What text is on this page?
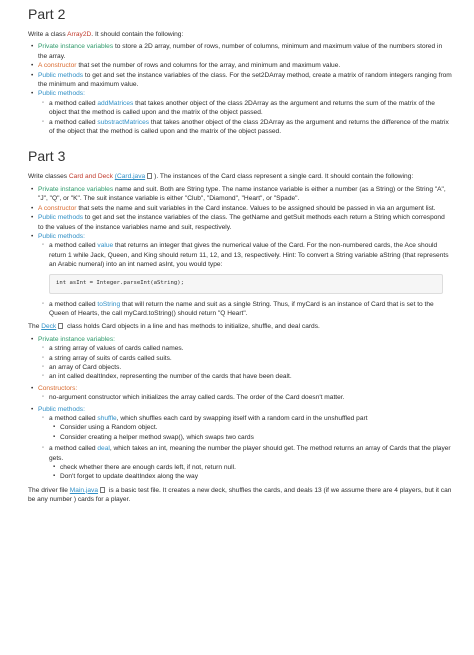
Part 2

Write a class Array2D. It should contain the following:

• Private instance variables to store a 2D array, number of rows, number of columns, minimum and maximum value of the numbers stored in the array.
• A constructor that set the number of rows and columns for the array, and minimum and maximum value.
• Public methods to get and set the instance variables of the class. For the set2DArray method, create a matrix of random integers ranging from the minimum and maximum value.
• Public methods:
◦ a method called addMatrices that takes another object of the class 2DArray as the argument and returns the sum of the matrix of the object that the method is called upon and the matrix of the object passed.
◦ a method called substractMatrices that takes another object of the class 2DArray as the argument and returns the difference of the matrix of the object that the method is called upon and the matrix of the object passed.
Part 3

Write classes Card and Deck (Card.java ). The instances of the Card class represent a single card. It should contain the following:

• Private instance variables name and suit. Both are String type. The name instance variable is either a number (as a String) or the String "A", "J", "Q", or "K". The suit instance variable is either "Club", "Diamond", "Heart", or "Spade".
• A constructor that sets the name and suit variables in the Card instance. Values to be assigned should be passed in via an argument list.
• Public methods to get and set the instance variables of the class. The getName and getSuit methods each return a String which correspond to the values of the instance variables name and suit, respectively.
• Public methods:
◦ a method called value that returns an integer that gives the numerical value of the Card. For the non-numbered cards, the Ace should return 1 while Jack, Queen, and King should return 11, 12, and 13, respectively. Hint: To convert a String variable aString (that represents an Arabic numeral) into an int named asInt, you would type:
int asInt = Integer.parseInt(aString);
◦ a method called toString that will return the name and suit as a single String. Thus, if myCard is an instance of Card that is set to the Queen of Hearts, the call myCard.toString() should return "Q Heart".

The Deck class holds Card objects in a line and has methods to initialize, shuffle, and deal cards.

• Private instance variables:
◦ a string array of values of cards called names.
◦ a string array of suits of cards called suits.
◦ an array of Card objects.
◦ an int called dealtIndex, representing the number of the cards that have been dealt.
• Constructors:
◦ no-argument constructor which initializes the array called cards. The order of the Card doesn't matter.
• Public methods:
◦ a method called shuffle, which shuffles each card by swapping itself with a random card in the unshuffled part
▪ Consider using a Random object.
▪ Consider creating a helper method swap(), which swaps two cards
◦ a method called deal, which takes an int, meaning the number the player should get. The method returns an array of Cards that the player gets.
▪ check whether there are enough cards left, if not, return null.
▪ Don't forget to update dealtIndex along the way

The driver file Main.java is a basic test file. It creates a new deck, shuffles the cards, and deals 13 (if we assume there are 4 players, but it can be any number ) cards for a player.
